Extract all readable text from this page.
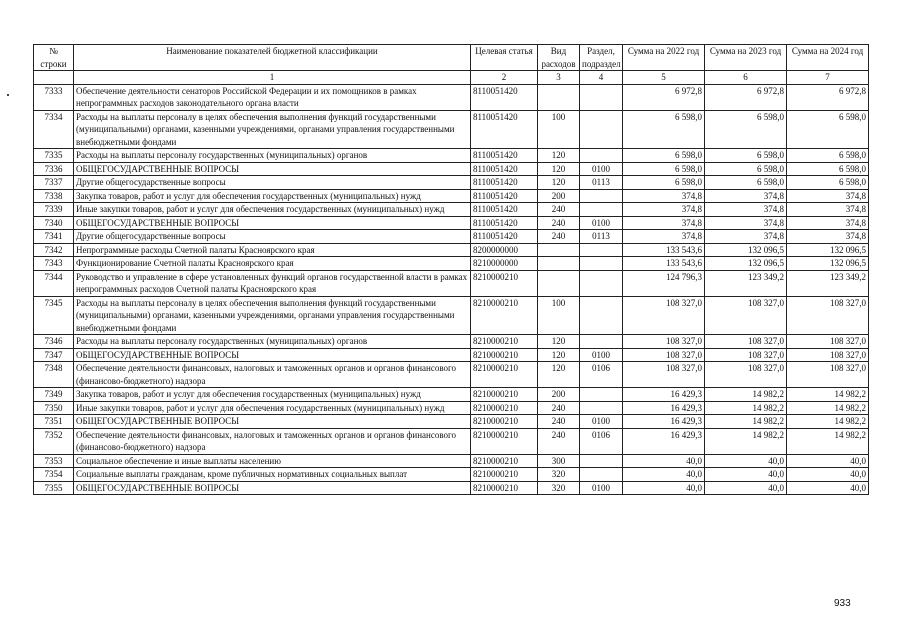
№ строки	Наименование показателей бюджетной классификации	Целевая статья	Вид расходов	Раздел, подраздел	Сумма на 2022 год	Сумма на 2023 год	Сумма на 2024 год
	1	2	3	4	5	6	7
7333	Обеспечение деятельности сенаторов Российской Федерации и их помощников в рамках непрограммных расходов законодательного органа власти	8110051420			6 972,8	6 972,8	6 972,8
7334	Расходы на выплаты персоналу в целях обеспечения выполнения функций государственными (муниципальными) органами, казенными учреждениями, органами управления государственными внебюджетными фондами	8110051420	100		6 598,0	6 598,0	6 598,0
7335	Расходы на выплаты персоналу государственных (муниципальных) органов	8110051420	120		6 598,0	6 598,0	6 598,0
7336	ОБЩЕГОСУДАРСТВЕННЫЕ ВОПРОСЫ	8110051420	120	0100	6 598,0	6 598,0	6 598,0
7337	Другие общегосударственные вопросы	8110051420	120	0113	6 598,0	6 598,0	6 598,0
7338	Закупка товаров, работ и услуг для обеспечения государственных (муниципальных) нужд	8110051420	200		374,8	374,8	374,8
7339	Иные закупки товаров, работ и услуг для обеспечения государственных (муниципальных) нужд	8110051420	240		374,8	374,8	374,8
7340	ОБЩЕГОСУДАРСТВЕННЫЕ ВОПРОСЫ	8110051420	240	0100	374,8	374,8	374,8
7341	Другие общегосударственные вопросы	8110051420	240	0113	374,8	374,8	374,8
7342	Непрограммные расходы Счетной палаты Красноярского края	8200000000			133 543,6	132 096,5	132 096,5
7343	Функционирование Счетной палаты Красноярского края	8210000000			133 543,6	132 096,5	132 096,5
7344	Руководство и управление в сфере установленных функций органов государственной власти в рамках непрограммных расходов Счетной палаты Красноярского края	8210000210			124 796,3	123 349,2	123 349,2
7345	Расходы на выплаты персоналу в целях обеспечения выполнения функций государственными (муниципальными) органами, казенными учреждениями, органами управления государственными внебюджетными фондами	8210000210	100		108 327,0	108 327,0	108 327,0
7346	Расходы на выплаты персоналу государственных (муниципальных) органов	8210000210	120		108 327,0	108 327,0	108 327,0
7347	ОБЩЕГОСУДАРСТВЕННЫЕ ВОПРОСЫ	8210000210	120	0100	108 327,0	108 327,0	108 327,0
7348	Обеспечение деятельности финансовых, налоговых и таможенных органов и органов финансового (финансово-бюджетного) надзора	8210000210	120	0106	108 327,0	108 327,0	108 327,0
7349	Закупка товаров, работ и услуг для обеспечения государственных (муниципальных) нужд	8210000210	200		16 429,3	14 982,2	14 982,2
7350	Иные закупки товаров, работ и услуг для обеспечения государственных (муниципальных) нужд	8210000210	240		16 429,3	14 982,2	14 982,2
7351	ОБЩЕГОСУДАРСТВЕННЫЕ ВОПРОСЫ	8210000210	240	0100	16 429,3	14 982,2	14 982,2
7352	Обеспечение деятельности финансовых, налоговых и таможенных органов и органов финансового (финансово-бюджетного) надзора	8210000210	240	0106	16 429,3	14 982,2	14 982,2
7353	Социальное обеспечение и иные выплаты населению	8210000210	300		40,0	40,0	40,0
7354	Социальные выплаты гражданам, кроме публичных нормативных социальных выплат	8210000210	320		40,0	40,0	40,0
7355	ОБЩЕГОСУДАРСТВЕННЫЕ ВОПРОСЫ	8210000210	320	0100	40,0	40,0	40,0
933
